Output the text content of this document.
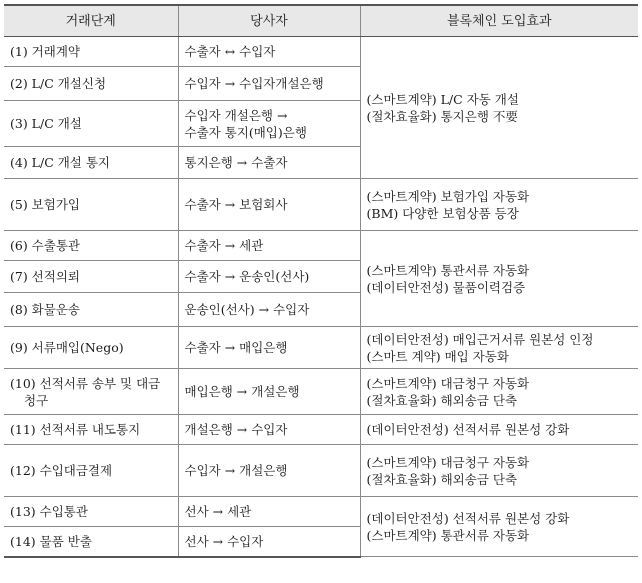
거래단계	당사자	블록체인 도입효과

(1) 거래계약	수출자 ↔ 수입자	(스마트계약) L/C 자동 개설
(절차효율화) 통지은행 不要

(2) L/C 개설신청	수입자 → 수입자개설은행	

(3) L/C 개설	수입자 개설은행 →
수출자 통지(매입)은행	

(4) L/C 개설 통지	통지은행 → 수출자	

(5) 보험가입	수출자 → 보험회사	(스마트계약) 보험가입 자동화
(BM) 다양한 보험상품 등장

(6) 수출통관	수출자 → 세관	(스마트계약) 통관서류 자동화
(데이터안전성) 물품이력검증

(7) 선적의뢰	수출자 → 운송인(선사)	

(8) 화물운송	운송인(선사) → 수입자	

(9) 서류매입(Nego)	수출자 → 매입은행	(데이터안전성) 매입근거서류 원본성 인정
(스마트 계약) 매입 자동화

(10) 선적서류 송부 및 대금
청구	매입은행 → 개설은행	(스마트계약) 대금청구 자동화
(절차효율화) 해외송금 단축

(11) 선적서류 내도통지	개설은행 → 수입자	(데이터안전성) 선적서류 원본성 강화

(12) 수입대금결제	수입자 → 개설은행	(스마트계약) 대금청구 자동화
(절차효율화) 해외송금 단축

(13) 수입통관	선사 → 세관	(데이터안전성) 선적서류 원본성 강화
(스마트계약) 통관서류 자동화

(14) 물품 반출	선사 → 수입자	
